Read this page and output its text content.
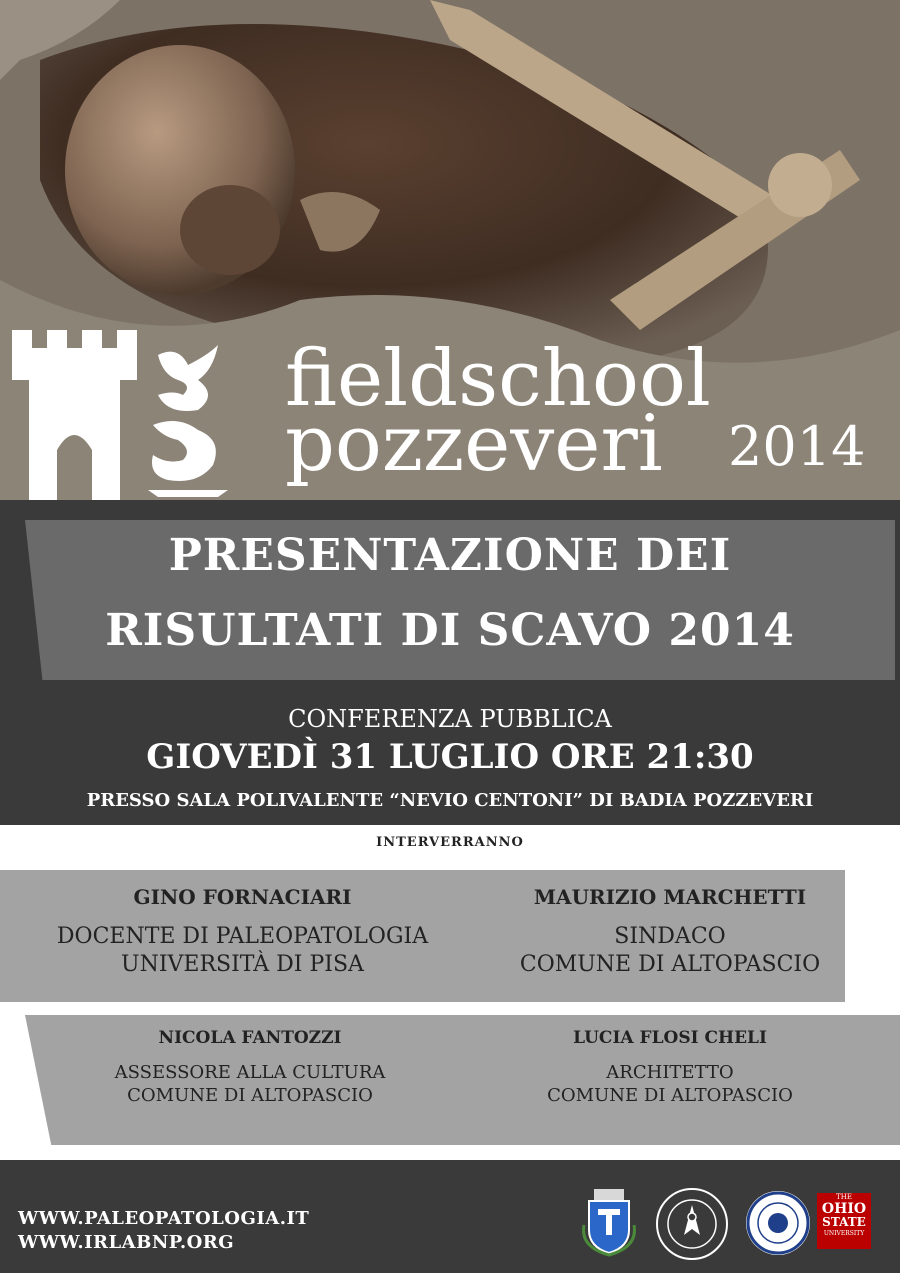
fieldschool
pozzeveri 2014
PRESENTAZIONE DEI
RISULTATI DI SCAVO 2014
CONFERENZA PUBBLICA
GIOVEDÌ 31 LUGLIO ORE 21:30
PRESSO SALA POLIVALENTE “NEVIO CENTONI” DI BADIA POZZEVERI
INTERVERRANNO
GINO FORNACIARI
DOCENTE DI PALEOPATOLOGIA
UNIVERSITÀ DI PISA
MAURIZIO MARCHETTI
SINDACO
COMUNE DI ALTOPASCIO
NICOLA FANTOZZI
ASSESSORE ALLA CULTURA
COMUNE DI ALTOPASCIO
LUCIA FLOSI CHELI
ARCHITETTO
COMUNE DI ALTOPASCIO
WWW.PALEOPATOLOGIA.IT
WWW.IRLABNP.ORG
THE
OHIO
STATE
UNIVERSITY
